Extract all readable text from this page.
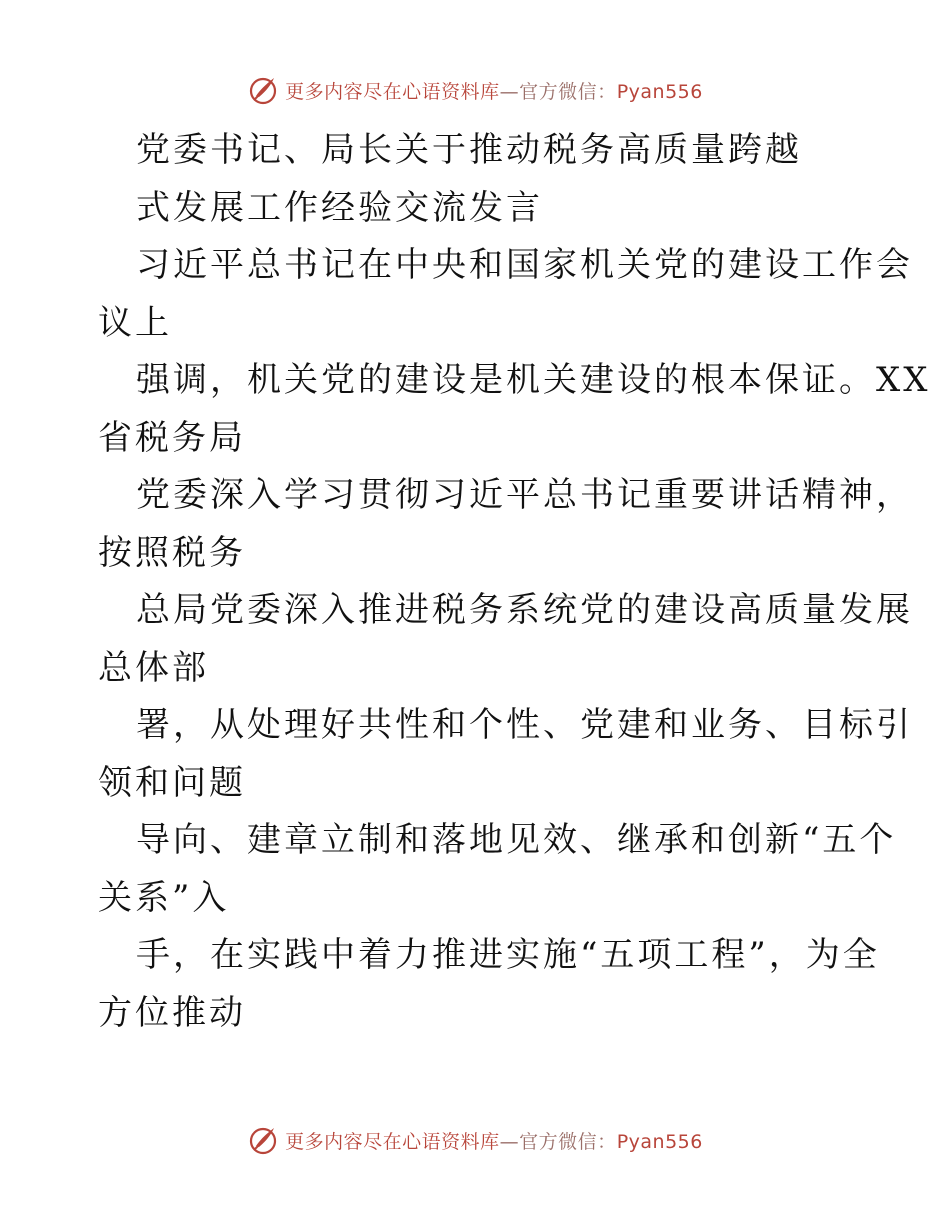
更多内容尽在心语资料库—官方微信：Pyan556
党委书记、局长关于推动税务高质量跨越
式发展工作经验交流发言
习近平总书记在中央和国家机关党的建设工作会
议上
强调，机关党的建设是机关建设的根本保证。XX
省税务局
党委深入学习贯彻习近平总书记重要讲话精神，
按照税务
总局党委深入推进税务系统党的建设高质量发展
总体部
署，从处理好共性和个性、党建和业务、目标引
领和问题
导向、建章立制和落地见效、继承和创新“五个
关系”入
手，在实践中着力推进实施“五项工程”，为全
方位推动
更多内容尽在心语资料库—官方微信：Pyan556
